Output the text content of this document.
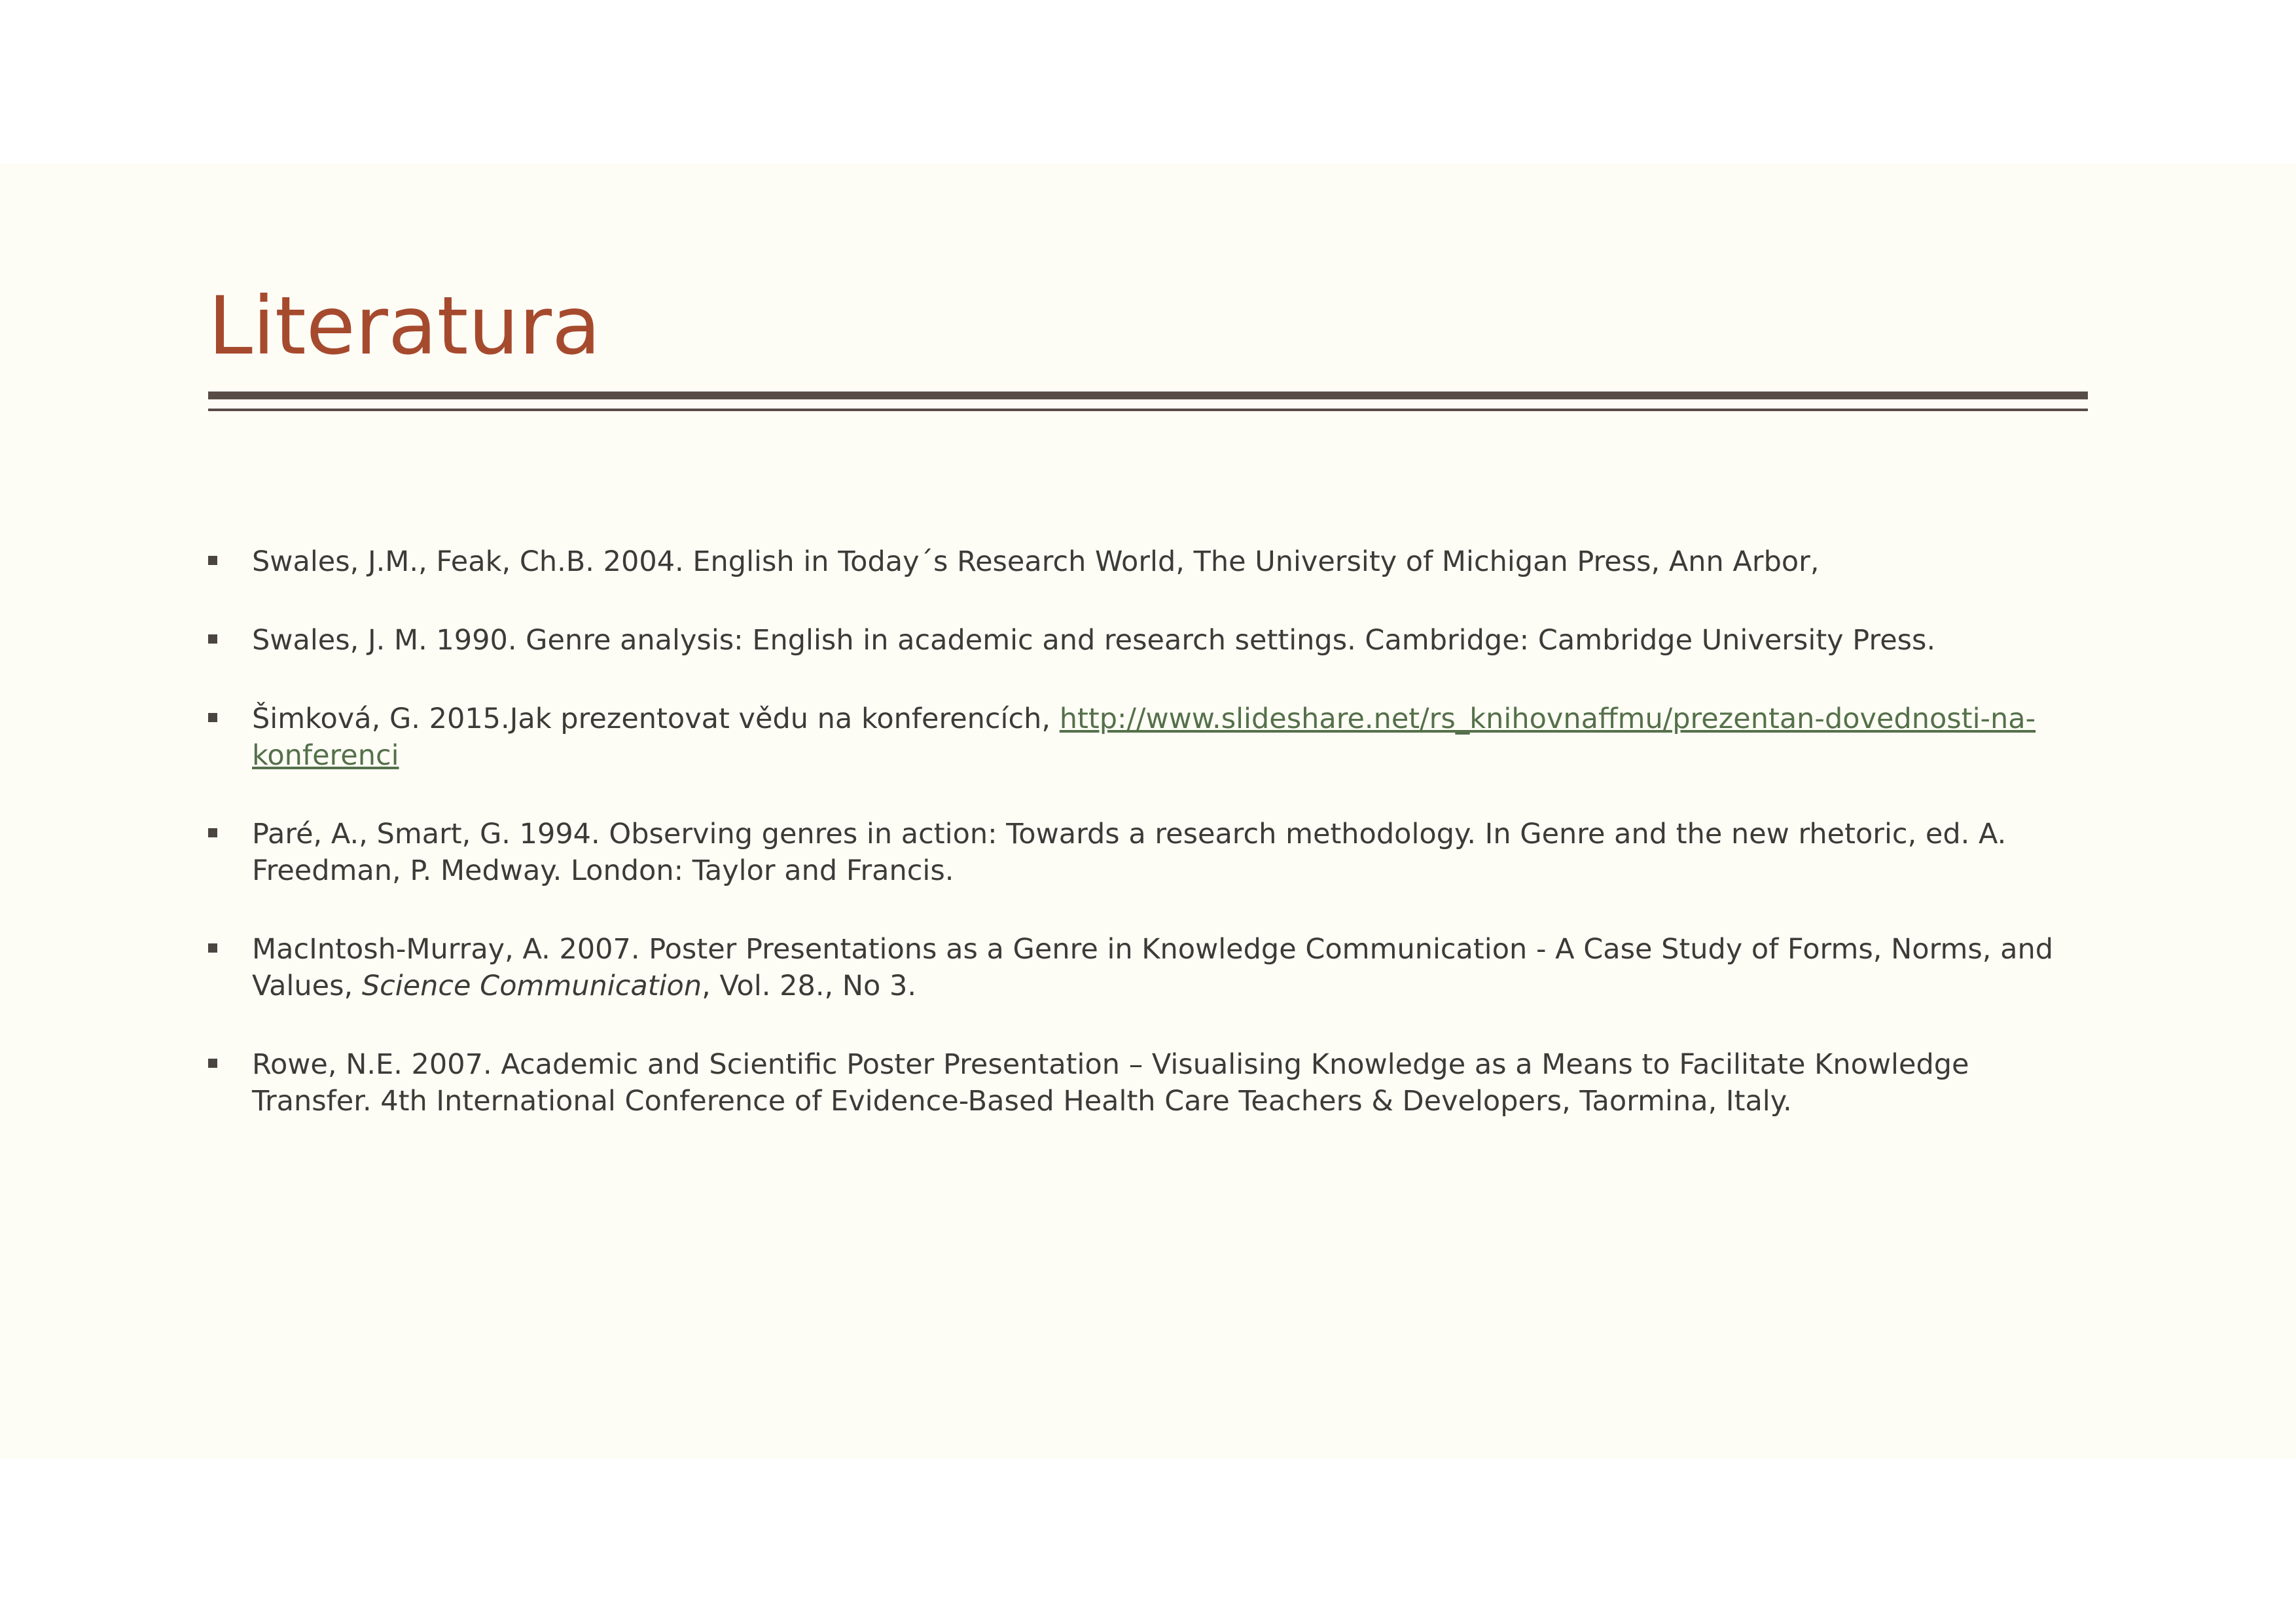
Literatura
Swales, J.M., Feak, Ch.B. 2004. English in Today´s Research World, The University of Michigan Press, Ann Arbor,
Swales, J. M. 1990. Genre analysis: English in academic and research settings. Cambridge: Cambridge University Press.
Šimková, G. 2015.Jak prezentovat vědu na konferencích, http://www.slideshare.net/rs_knihovnaffmu/prezentan-dovednosti-na-konferenci
Paré, A., Smart, G. 1994. Observing genres in action: Towards a research methodology. In Genre and the new rhetoric, ed. A. Freedman, P. Medway. London: Taylor and Francis.
MacIntosh-Murray, A. 2007. Poster Presentations as a Genre in Knowledge Communication - A Case Study of Forms, Norms, and Values, Science Communication, Vol. 28., No 3.
Rowe, N.E. 2007. Academic and Scientific Poster Presentation – Visualising Knowledge as a Means to Facilitate Knowledge Transfer. 4th International Conference of Evidence-Based Health Care Teachers & Developers, Taormina, Italy.
